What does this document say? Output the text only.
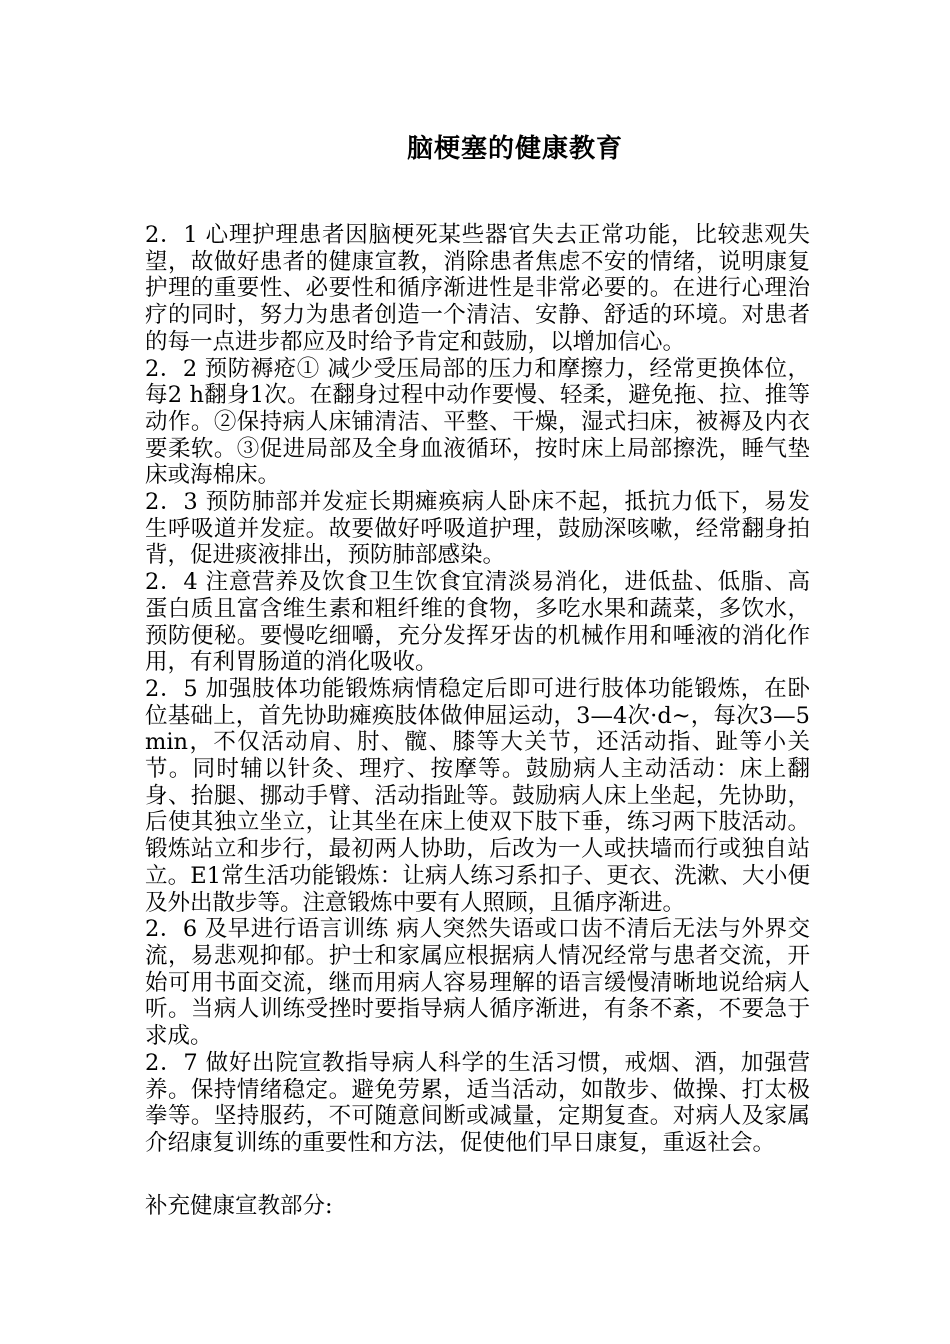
脑梗塞的健康教育

2．1 心理护理患者因脑梗死某些器官失去正常功能，比较悲观失望，故做好患者的健康宣教，消除患者焦虑不安的情绪，说明康复护理的重要性、必要性和循序渐进性是非常必要的。在进行心理治疗的同时，努力为患者创造一个清洁、安静、舒适的环境。对患者的每一点进步都应及时给予肯定和鼓励，以增加信心。

2．2 预防褥疮① 减少受压局部的压力和摩擦力，经常更换体位，每2 h翻身1次。在翻身过程中动作要慢、轻柔，避免拖、拉、推等动作。②保持病人床铺清洁、平整、干燥，湿式扫床，被褥及内衣要柔软。③促进局部及全身血液循环，按时床上局部擦洗，睡气垫床或海棉床。

2．3 预防肺部并发症长期瘫痪病人卧床不起，抵抗力低下，易发生呼吸道并发症。故要做好呼吸道护理，鼓励深咳嗽，经常翻身拍背，促进痰液排出，预防肺部感染。

2．4 注意营养及饮食卫生饮食宜清淡易消化，进低盐、低脂、高蛋白质且富含维生素和粗纤维的食物，多吃水果和蔬菜，多饮水，预防便秘。要慢吃细嚼，充分发挥牙齿的机械作用和唾液的消化作用，有利胃肠道的消化吸收。

2．5 加强肢体功能锻炼病情稳定后即可进行肢体功能锻炼，在卧位基础上，首先协助瘫痪肢体做伸屈运动，3—4次·d~，每次3—5 min，不仅活动肩、肘、髋、膝等大关节，还活动指、趾等小关节。同时辅以针灸、理疗、按摩等。鼓励病人主动活动：床上翻身、抬腿、挪动手臂、活动指趾等。鼓励病人床上坐起，先协助，后使其独立坐立，让其坐在床上使双下肢下垂，练习两下肢活动。锻炼站立和步行，最初两人协助，后改为一人或扶墙而行或独自站立。E1常生活功能锻炼：让病人练习系扣子、更衣、洗漱、大小便及外出散步等。注意锻炼中要有人照顾，且循序渐进。

2．6 及早进行语言训练 病人突然失语或口齿不清后无法与外界交流，易悲观抑郁。护士和家属应根据病人情况经常与患者交流，开始可用书面交流，继而用病人容易理解的语言缓慢清晰地说给病人听。当病人训练受挫时要指导病人循序渐进，有条不紊，不要急于求成。

2．7 做好出院宣教指导病人科学的生活习惯，戒烟、酒，加强营养。保持情绪稳定。避免劳累，适当活动，如散步、做操、打太极拳等。坚持服药，不可随意间断或减量，定期复查。对病人及家属介绍康复训练的重要性和方法，促使他们早日康复，重返社会。

补充健康宣教部分:
